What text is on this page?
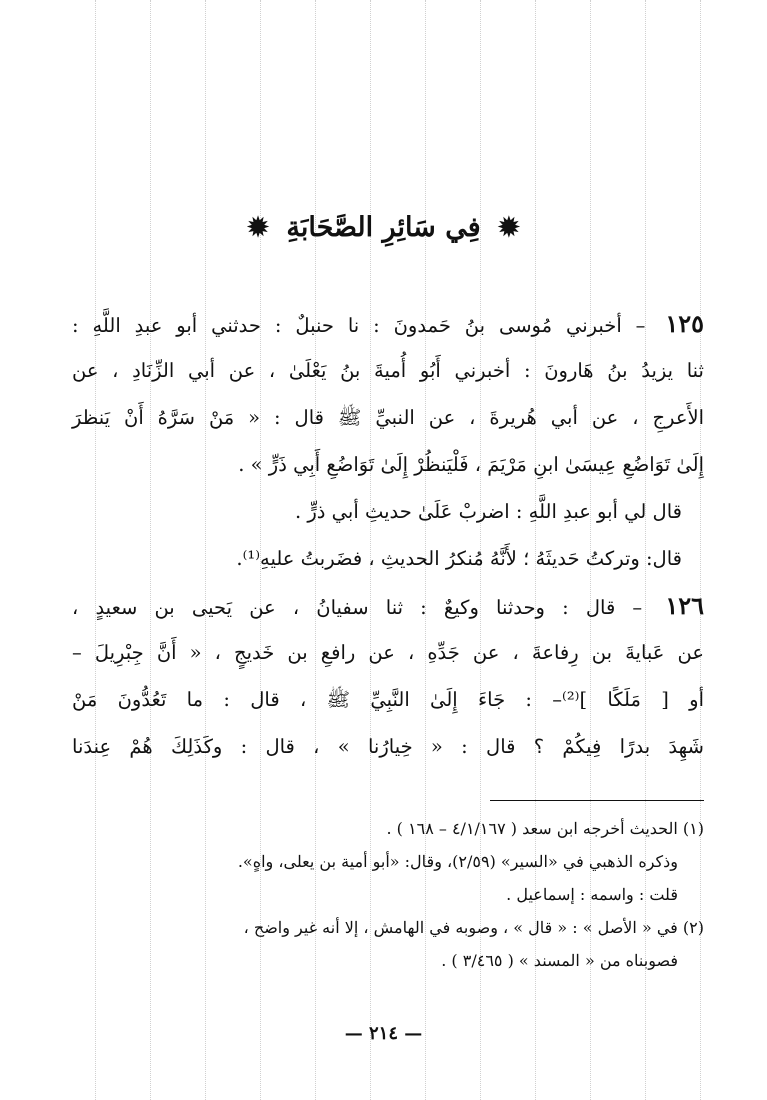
✹ فِي سَائِرِ الصَّحَابَةِ ✹
١٢٥ – أخبرني مُوسى بنُ حَمدونَ : نا حنبلٌ : حدثني أبو عبدِ اللَّهِ :
ثنا يزيدُ بنُ هَارونَ : أخبرني أَبُو أُميةَ بنُ يَعْلَىٰ ، عن أبي الزِّنَادِ ، عن
الأَعرجِ ، عن أبي هُريرةَ ، عن النبيِّ ﷺ قال : « مَنْ سَرَّهُ أَنْ يَنظرَ
إِلَىٰ تَوَاضُعِ عِيسَىٰ ابنِ مَرْيَمَ ، فَلْيَنظُرْ إِلَىٰ تَوَاضُعِ أَبِي ذَرٍّ » .
قال لي أبو عبدِ اللَّهِ : اضربْ عَلَىٰ حديثِ أبي ذرٍّ .
قال: وتركتُ حَديثَهُ ؛ لأَنَّهُ مُنكرُ الحديثِ ، فضَربتُ عليهِ⁽¹⁾.
١٢٦ – قال : وحدثنا وكيعٌ : ثنا سفيانُ ، عن يَحيى بن سعيدٍ ،
عن عَبايةَ بن رِفاعةَ ، عن جَدِّهِ ، عن رافعِ بن خَديجٍ ، « أَنَّ جِبْرِيلَ –
أو [ مَلَكًا ]⁽²⁾– : جَاءَ إِلَىٰ النَّبِيِّ ﷺ ، قال : ما تَعُدُّونَ مَنْ
شَهِدَ بدرًا فِيكُمْ ؟ قال : « خِيارُنا » ، قال : وكَذَلِكَ هُمْ عِندَنا
(١) الحديث أخرجه ابن سعد ( ٤/١/١٦٧ – ١٦٨ ) .
وذكره الذهبي في «السير» (٢/٥٩)، وقال: «أبو أمية بن يعلى، واهٍ».
قلت : واسمه : إسماعيل .
(٢) في « الأصل » : « قال » ، وصوبه في الهامش ، إلا أنه غير واضح ،
فصوبناه من « المسند » ( ٣/٤٦٥ ) .
— ٢١٤ —
